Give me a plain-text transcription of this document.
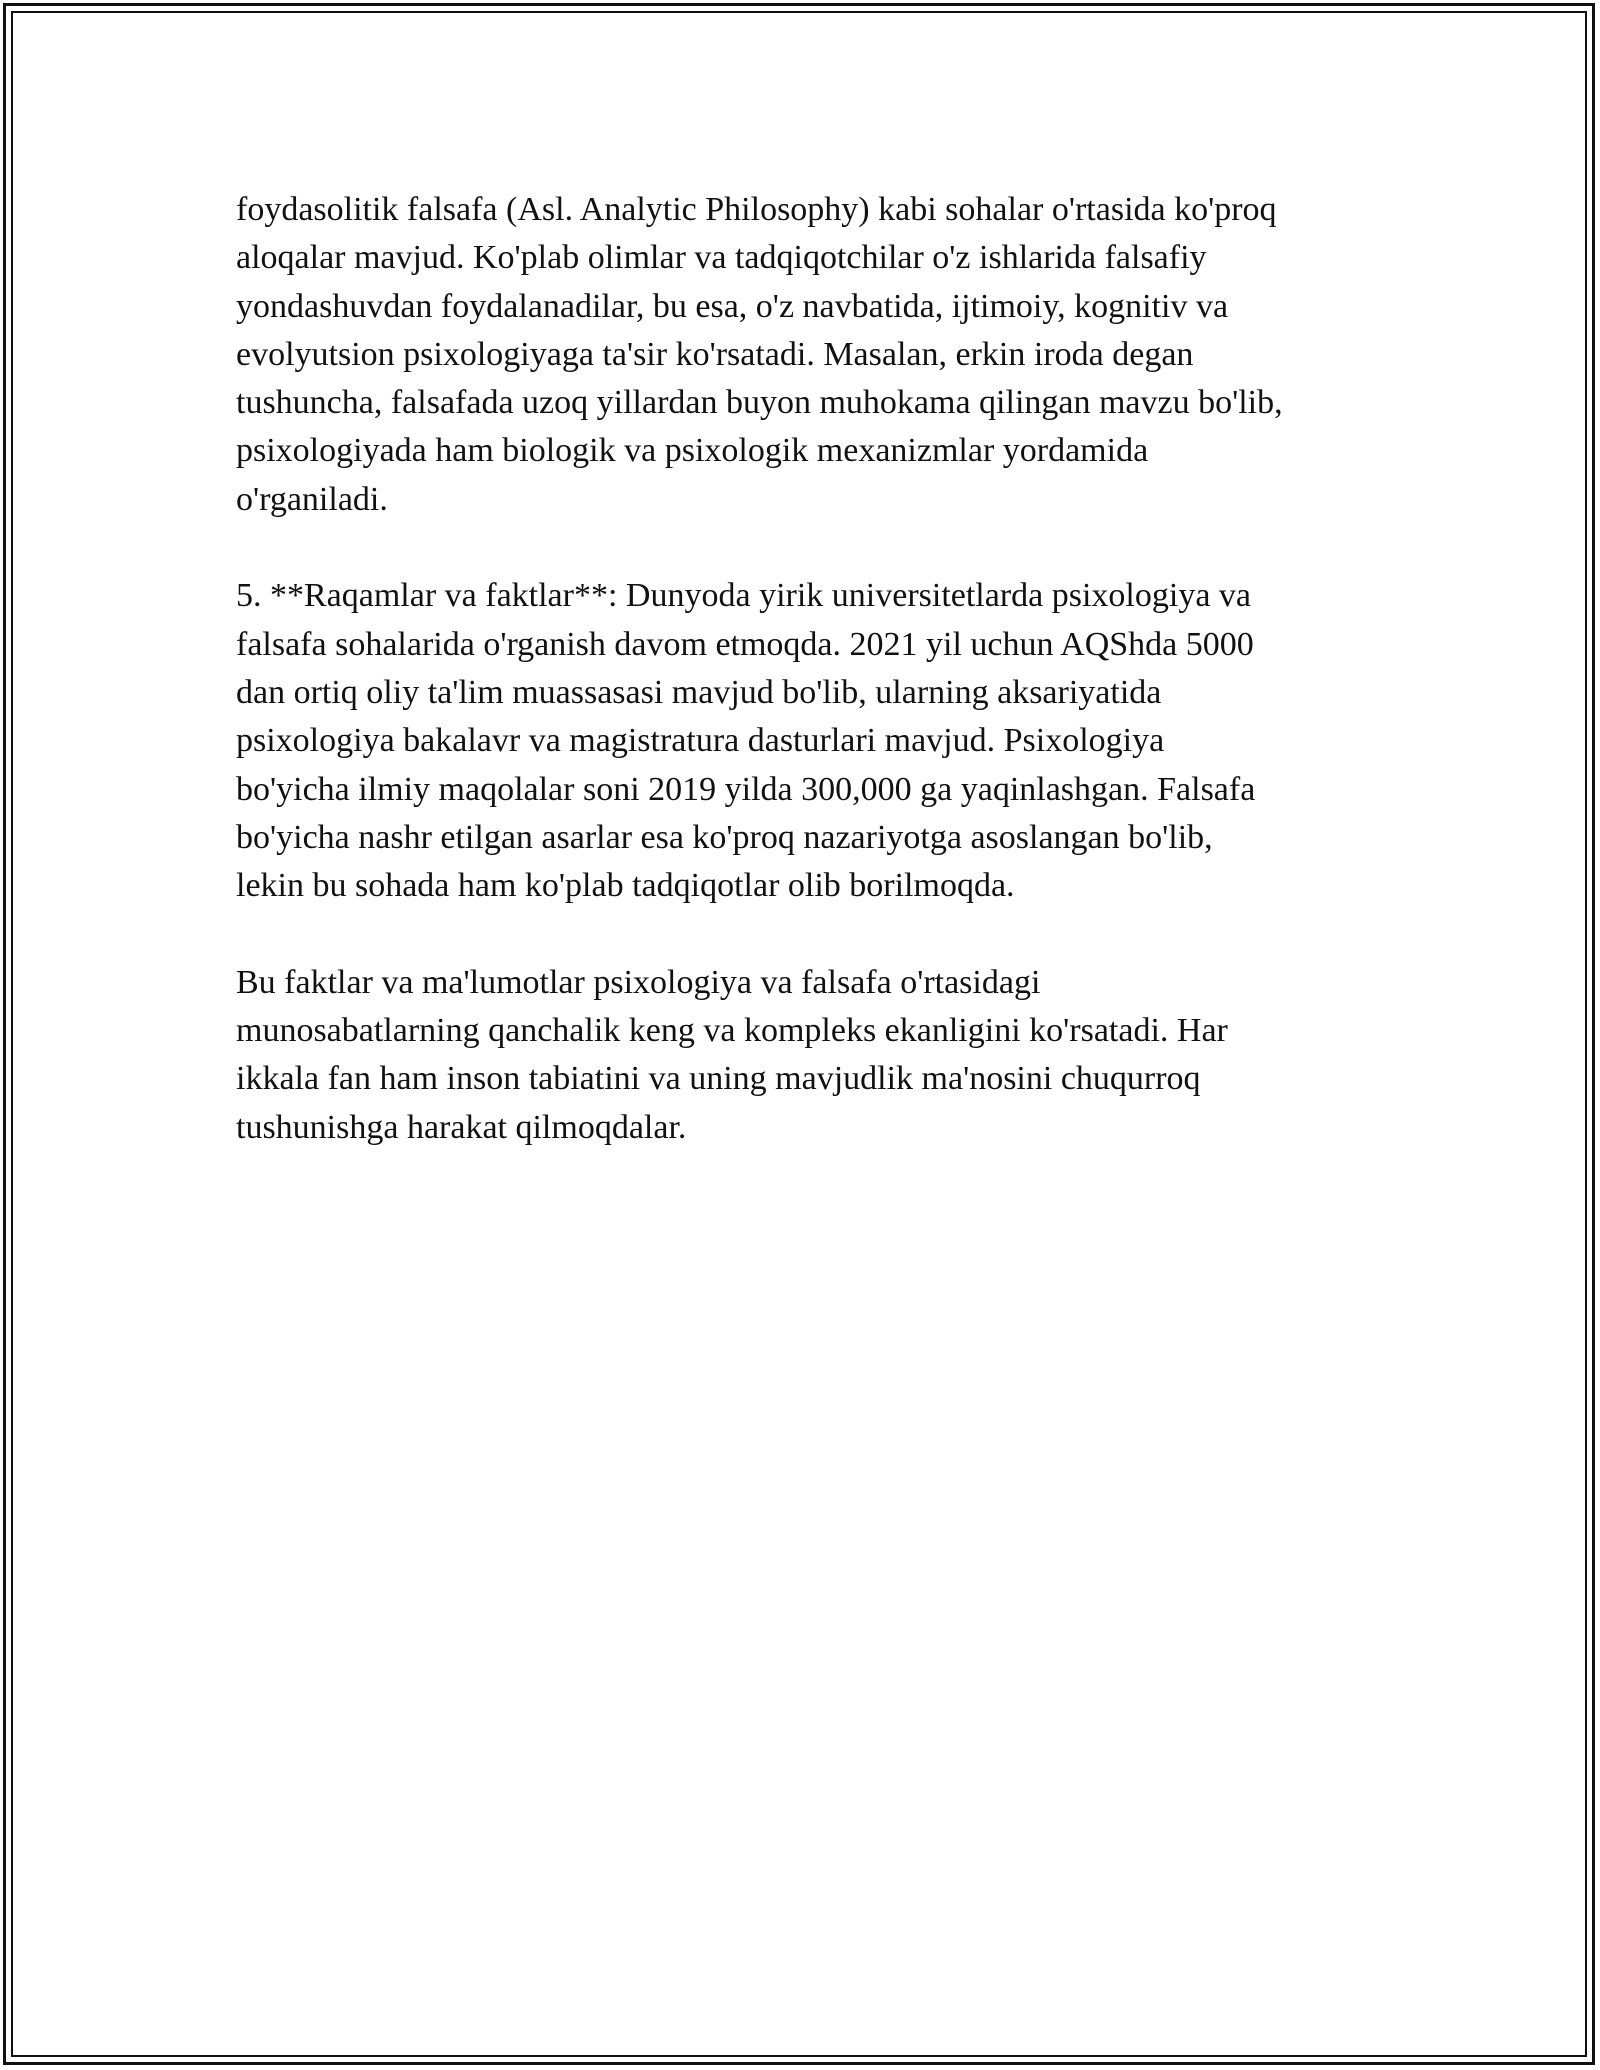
foydasolitik falsafa (Asl. Analytic Philosophy) kabi sohalar o'rtasida ko'proq
aloqalar mavjud. Ko'plab olimlar va tadqiqotchilar o'z ishlarida falsafiy
yondashuvdan foydalanadilar, bu esa, o'z navbatida, ijtimoiy, kognitiv va
evolyutsion psixologiyaga ta'sir ko'rsatadi. Masalan, erkin iroda degan
tushuncha, falsafada uzoq yillardan buyon muhokama qilingan mavzu bo'lib,
psixologiyada ham biologik va psixologik mexanizmlar yordamida
o'rganiladi.

5. **Raqamlar va faktlar**: Dunyoda yirik universitetlarda psixologiya va
falsafa sohalarida o'rganish davom etmoqda. 2021 yil uchun AQShda 5000
dan ortiq oliy ta'lim muassasasi mavjud bo'lib, ularning aksariyatida
psixologiya bakalavr va magistratura dasturlari mavjud. Psixologiya
bo'yicha ilmiy maqolalar soni 2019 yilda 300,000 ga yaqinlashgan. Falsafa
bo'yicha nashr etilgan asarlar esa ko'proq nazariyotga asoslangan bo'lib,
lekin bu sohada ham ko'plab tadqiqotlar olib borilmoqda.

Bu faktlar va ma'lumotlar psixologiya va falsafa o'rtasidagi
munosabatlarning qanchalik keng va kompleks ekanligini ko'rsatadi. Har
ikkala fan ham inson tabiatini va uning mavjudlik ma'nosini chuqurroq
tushunishga harakat qilmoqdalar.
